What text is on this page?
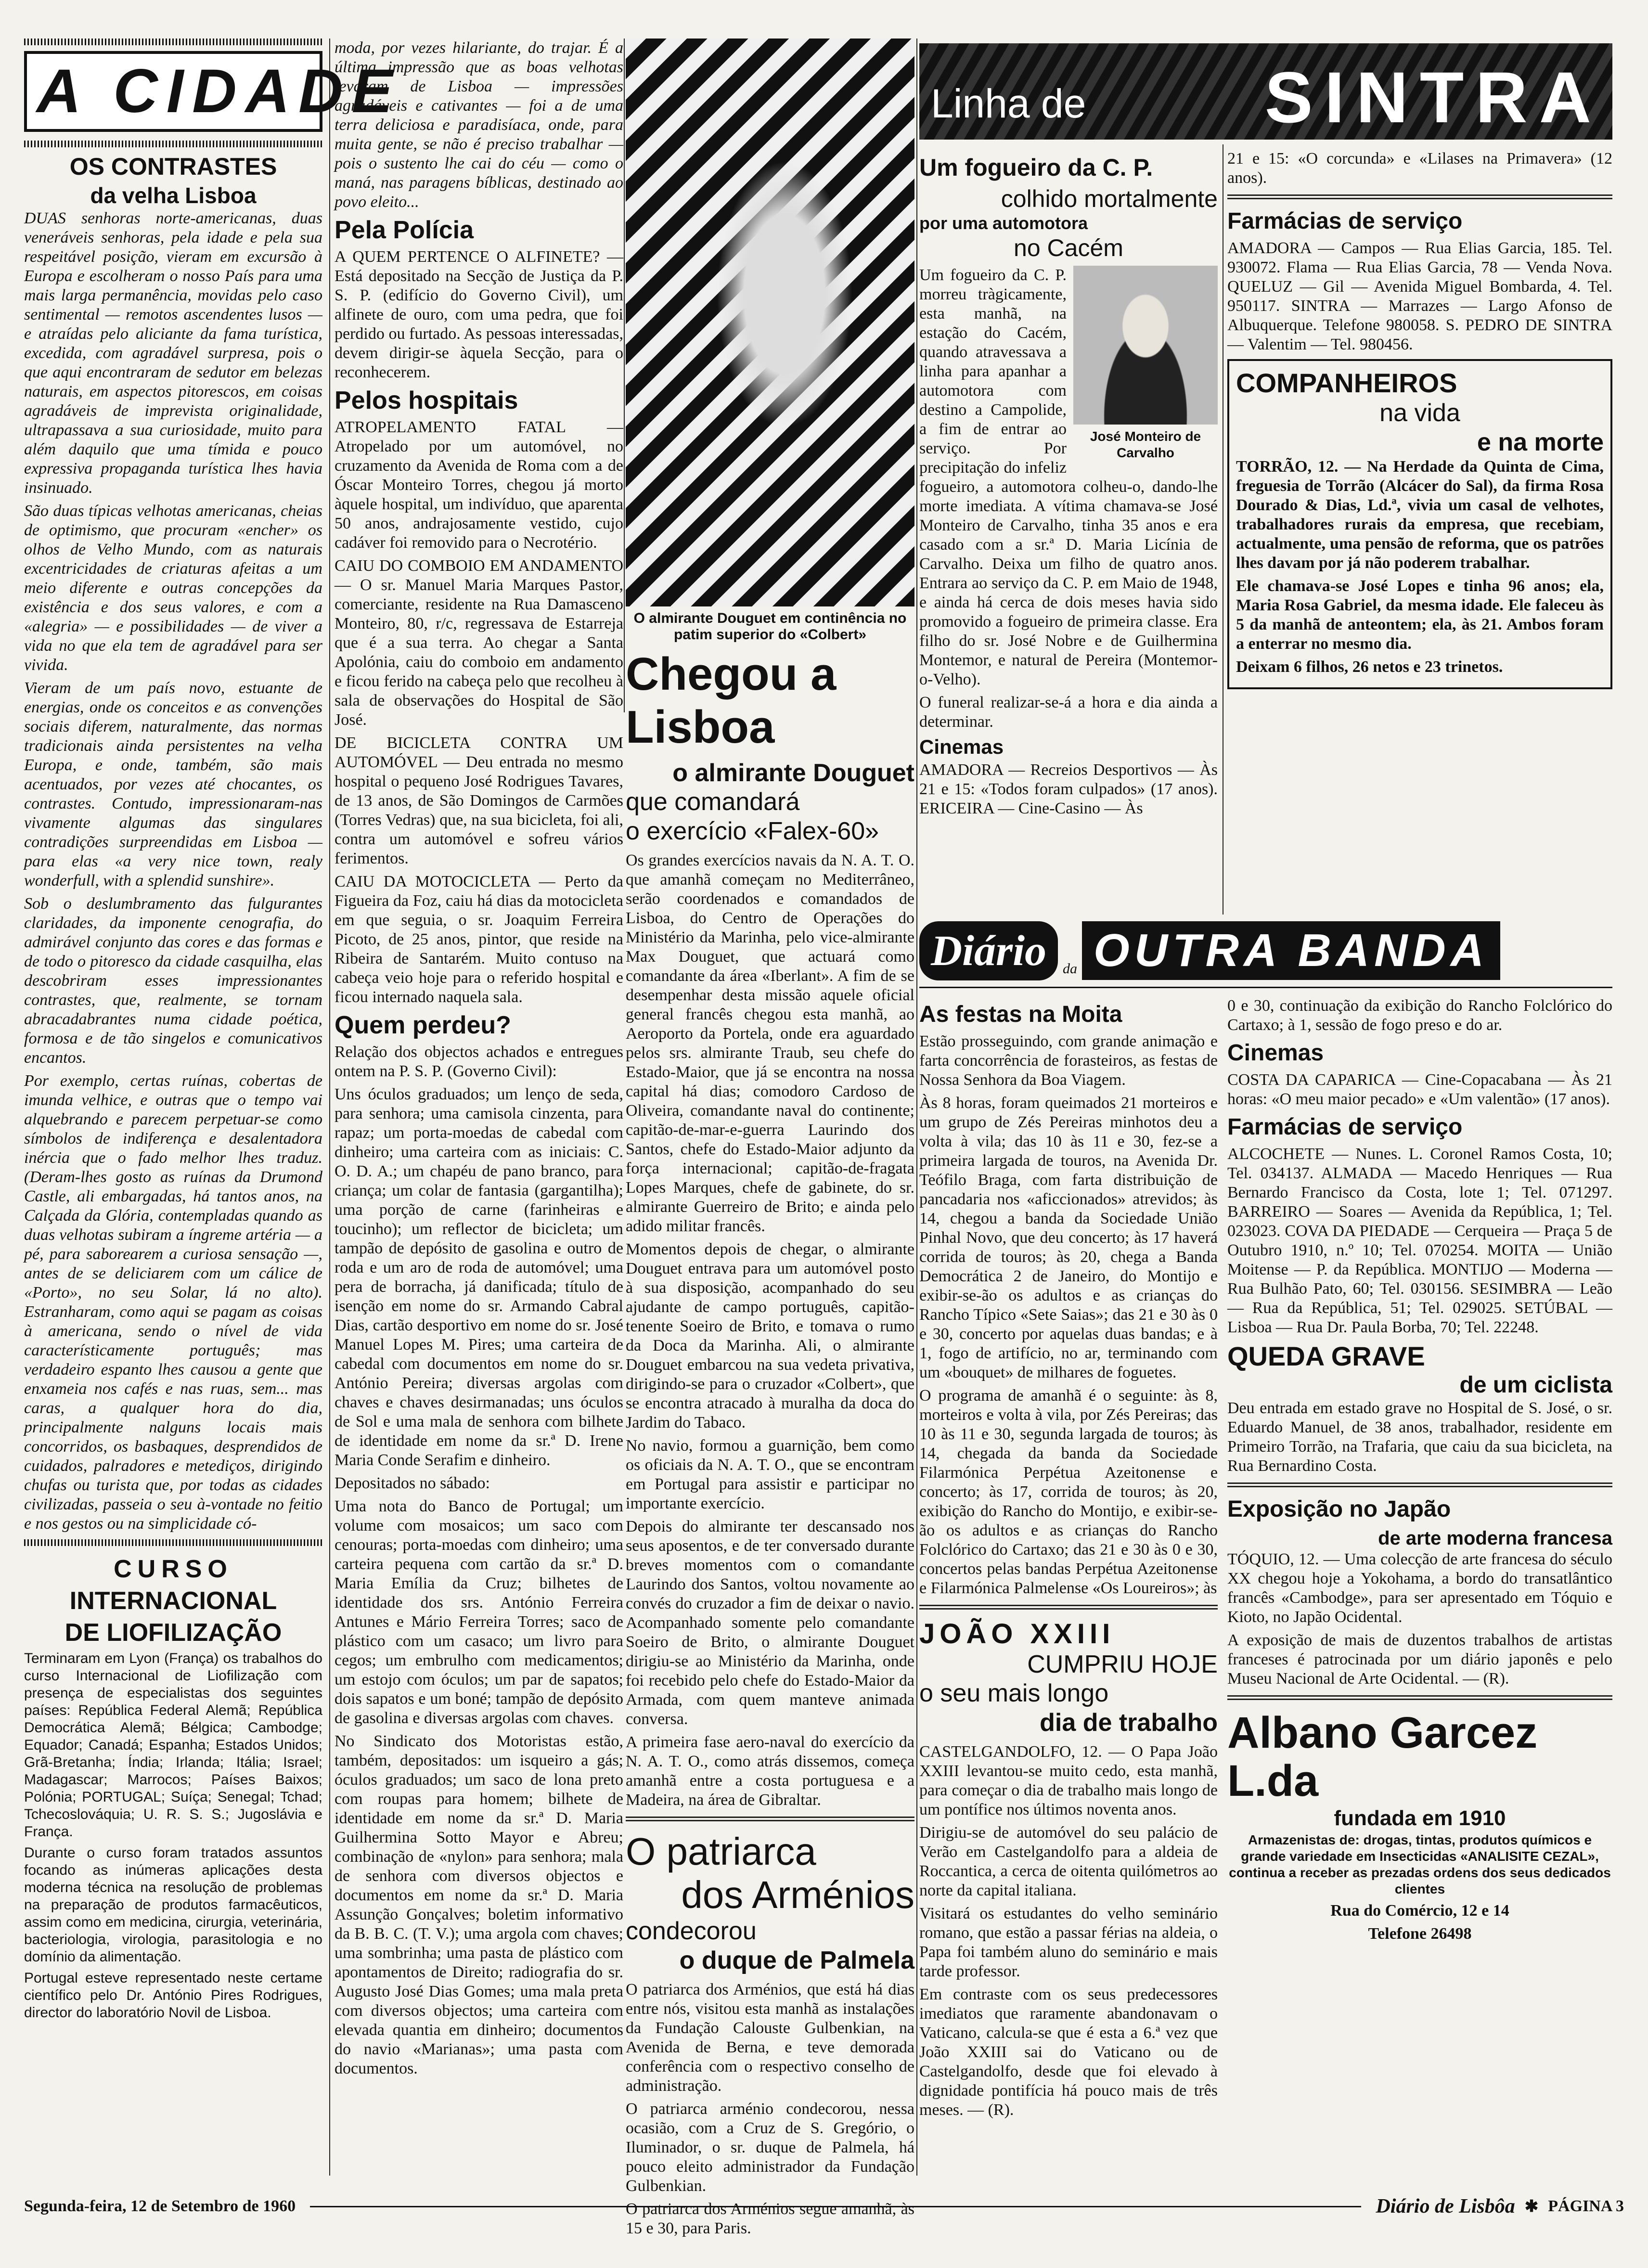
A CIDADE
OS CONTRASTES
da velha Lisboa

DUAS senhoras norte-americanas, duas veneráveis senhoras, pela idade e pela sua respeitável posição, vieram em excursão à Europa e escolheram o nosso País para uma mais larga permanência, movidas pelo caso sentimental — remotos ascendentes lusos — e atraídas pelo aliciante da fama turística, excedida, com agradável surpresa, pois o que aqui encontraram de sedutor em belezas naturais, em aspectos pitorescos, em coisas agradáveis de imprevista originalidade, ultrapassava a sua curiosidade, muito para além daquilo que uma tímida e pouco expressiva propaganda turística lhes havia insinuado.

São duas típicas velhotas americanas, cheias de optimismo, que procuram «encher» os olhos de Velho Mundo, com as naturais excentricidades de criaturas afeitas a um meio diferente e outras concepções da existência e dos seus valores, e com a «alegria» — e possibilidades — de viver a vida no que ela tem de agradável para ser vivida.

Vieram de um país novo, estuante de energias, onde os conceitos e as convenções sociais diferem, naturalmente, das normas tradicionais ainda persistentes na velha Europa, e onde, também, são mais acentuados, por vezes até chocantes, os contrastes. Contudo, impressionaram-nas vivamente algumas das singulares contradições surpreendidas em Lisboa — para elas «a very nice town, realy wonderfull, with a splendid sunshire».

Sob o deslumbramento das fulgurantes claridades, da imponente cenografia, do admirável conjunto das cores e das formas e de todo o pitoresco da cidade casquilha, elas descobriram esses impressionantes contrastes, que, realmente, se tornam abracadabrantes numa cidade poética, formosa e de tão singelos e comunicativos encantos.

Por exemplo, certas ruínas, cobertas de imunda velhice, e outras que o tempo vai alquebrando e parecem perpetuar-se como símbolos de indiferença e desalentadora inércia que o fado melhor lhes traduz. (Deram-lhes gosto as ruínas da Drumond Castle, ali embargadas, há tantos anos, na Calçada da Glória, contempladas quando as duas velhotas subiram a íngreme artéria — a pé, para saborearem a curiosa sensação —, antes de se deliciarem com um cálice de «Porto», no seu Solar, lá no alto). Estranharam, como aqui se pagam as coisas à americana, sendo o nível de vida característicamente português; mas verdadeiro espanto lhes causou a gente que enxameia nos cafés e nas ruas, sem... mas caras, a qualquer hora do dia, principalmente nalguns locais mais concorridos, os basbaques, desprendidos de cuidados, palradores e metediços, dirigindo chufas ou turista que, por todas as cidades civilizadas, passeia o seu à-vontade no feitio e nos gestos ou na simplicidade có-

CURSO
INTERNACIONAL
DE LIOFILIZAÇÃO

Terminaram em Lyon (França) os trabalhos do curso Internacional de Liofilização com presença de especialistas dos seguintes países: República Federal Alemã; República Democrática Alemã; Bélgica; Cambodge; Equador; Canadá; Espanha; Estados Unidos; Grã-Bretanha; Índia; Irlanda; Itália; Israel; Madagascar; Marrocos; Países Baixos; Polónia; PORTUGAL; Suíça; Senegal; Tchad; Tchecoslováquia; U. R. S. S.; Jugoslávia e França.

Durante o curso foram tratados assuntos focando as inúmeras aplicações desta moderna técnica na resolução de problemas na preparação de produtos farmacêuticos, assim como em medicina, cirurgia, veterinária, bacteriologia, virologia, parasitologia e no domínio da alimentação.

Portugal esteve representado neste certame científico pelo Dr. António Pires Rodrigues, director do laboratório Novil de Lisboa.

moda, por vezes hilariante, do trajar. É a última impressão que as boas velhotas levaram de Lisboa — impressões agradáveis e cativantes — foi a de uma terra deliciosa e paradisíaca, onde, para muita gente, se não é preciso trabalhar — pois o sustento lhe cai do céu — como o maná, nas paragens bíblicas, destinado ao povo eleito...

Pela Polícia

A QUEM PERTENCE O ALFINETE? — Está depositado na Secção de Justiça da P. S. P. (edifício do Governo Civil), um alfinete de ouro, com uma pedra, que foi perdido ou furtado. As pessoas interessadas, devem dirigir-se àquela Secção, para o reconhecerem.

Pelos hospitais

ATROPELAMENTO FATAL — Atropelado por um automóvel, no cruzamento da Avenida de Roma com a de Óscar Monteiro Torres, chegou já morto àquele hospital, um indivíduo, que aparenta 50 anos, andrajosamente vestido, cujo cadáver foi removido para o Necrotério.

CAIU DO COMBOIO EM ANDAMENTO — O sr. Manuel Maria Marques Pastor, comerciante, residente na Rua Damasceno Monteiro, 80, r/c, regressava de Estarreja que é a sua terra. Ao chegar a Santa Apolónia, caiu do comboio em andamento e ficou ferido na cabeça pelo que recolheu à sala de observações do Hospital de São José.

DE BICICLETA CONTRA UM AUTOMÓVEL — Deu entrada no mesmo hospital o pequeno José Rodrigues Tavares, de 13 anos, de São Domingos de Carmões (Torres Vedras) que, na sua bicicleta, foi ali, contra um automóvel e sofreu vários ferimentos.

CAIU DA MOTOCICLETA — Perto da Figueira da Foz, caiu há dias da motocicleta em que seguia, o sr. Joaquim Ferreira Picoto, de 25 anos, pintor, que reside na Ribeira de Santarém. Muito contuso na cabeça veio hoje para o referido hospital e ficou internado naquela sala.

Quem perdeu?

Relação dos objectos achados e entregues ontem na P. S. P. (Governo Civil):

Uns óculos graduados; um lenço de seda, para senhora; uma camisola cinzenta, para rapaz; um porta-moedas de cabedal com dinheiro; uma carteira com as iniciais: C. O. D. A.; um chapéu de pano branco, para criança; um colar de fantasia (gargantilha); uma porção de carne (farinheiras e toucinho); um reflector de bicicleta; um tampão de depósito de gasolina e outro de roda e um aro de roda de automóvel; uma pera de borracha, já danificada; título de isenção em nome do sr. Armando Cabral Dias, cartão desportivo em nome do sr. José Manuel Lopes M. Pires; uma carteira de cabedal com documentos em nome do sr. António Pereira; diversas argolas com chaves e chaves desirmanadas; uns óculos de Sol e uma mala de senhora com bilhete de identidade em nome da sr.ª D. Irene Maria Conde Serafim e dinheiro.

Depositados no sábado:

Uma nota do Banco de Portugal; um volume com mosaicos; um saco com cenouras; porta-moedas com dinheiro; uma carteira pequena com cartão da sr.ª D. Maria Emília da Cruz; bilhetes de identidade dos srs. António Ferreira Antunes e Mário Ferreira Torres; saco de plástico com um casaco; um livro para cegos; um embrulho com medicamentos; um estojo com óculos; um par de sapatos; dois sapatos e um boné; tampão de depósito de gasolina e diversas argolas com chaves.

No Sindicato dos Motoristas estão, também, depositados: um isqueiro a gás; óculos graduados; um saco de lona preto com roupas para homem; bilhete de identidade em nome da sr.ª D. Maria Guilhermina Sotto Mayor e Abreu; combinação de «nylon» para senhora; mala de senhora com diversos objectos e documentos em nome da sr.ª D. Maria Assunção Gonçalves; boletim informativo da B. B. C. (T. V.); uma argola com chaves; uma sombrinha; uma pasta de plástico com apontamentos de Direito; radiografia do sr. Augusto José Dias Gomes; uma mala preta com diversos objectos; uma carteira com elevada quantia em dinheiro; documentos do navio «Marianas»; uma pasta com documentos.

O almirante Douguet em continência no patim superior do «Colbert»
Chegou a Lisboa
o almirante Douguet
que comandará
o exercício «Falex-60»

Os grandes exercícios navais da N. A. T. O. que amanhã começam no Mediterrâneo, serão coordenados e comandados de Lisboa, do Centro de Operações do Ministério da Marinha, pelo vice-almirante Max Douguet, que actuará como comandante da área «Iberlant». A fim de se desempenhar desta missão aquele oficial general francês chegou esta manhã, ao Aeroporto da Portela, onde era aguardado pelos srs. almirante Traub, seu chefe do Estado-Maior, que já se encontra na nossa capital há dias; comodoro Cardoso de Oliveira, comandante naval do continente; capitão-de-mar-e-guerra Laurindo dos Santos, chefe do Estado-Maior adjunto da força internacional; capitão-de-fragata Lopes Marques, chefe de gabinete, do sr. almirante Guerreiro de Brito; e ainda pelo adido militar francês.

Momentos depois de chegar, o almirante Douguet entrava para um automóvel posto à sua disposição, acompanhado do seu ajudante de campo português, capitão-tenente Soeiro de Brito, e tomava o rumo da Doca da Marinha. Ali, o almirante Douguet embarcou na sua vedeta privativa, dirigindo-se para o cruzador «Colbert», que se encontra atracado à muralha da doca do Jardim do Tabaco.

No navio, formou a guarnição, bem como os oficiais da N. A. T. O., que se encontram em Portugal para assistir e participar no importante exercício.

Depois do almirante ter descansado nos seus aposentos, e de ter conversado durante breves momentos com o comandante Laurindo dos Santos, voltou novamente ao convés do cruzador a fim de deixar o navio. Acompanhado somente pelo comandante Soeiro de Brito, o almirante Douguet dirigiu-se ao Ministério da Marinha, onde foi recebido pelo chefe do Estado-Maior da Armada, com quem manteve animada conversa.

A primeira fase aero-naval do exercício da N. A. T. O., como atrás dissemos, começa amanhã entre a costa portuguesa e a Madeira, na área de Gibraltar.

O patriarca
dos Arménios
condecorou
o duque de Palmela

O patriarca dos Arménios, que está há dias entre nós, visitou esta manhã as instalações da Fundação Calouste Gulbenkian, na Avenida de Berna, e teve demorada conferência com o respectivo conselho de administração.

O patriarca arménio condecorou, nessa ocasião, com a Cruz de S. Gregório, o Iluminador, o sr. duque de Palmela, há pouco eleito administrador da Fundação Gulbenkian.

O patriarca dos Arménios segue amanhã, às 15 e 30, para Paris.

Linha de SINTRA
Um fogueiro da C. P.
colhido mortalmente
por uma automotora
no Cacém
José Monteiro de Carvalho

Um fogueiro da C. P. morreu tràgicamente, esta manhã, na estação do Cacém, quando atravessava a linha para apanhar a automotora com destino a Campolide, a fim de entrar ao serviço. Por precipitação do infeliz fogueiro, a automotora colheu-o, dando-lhe morte imediata. A vítima chamava-se José Monteiro de Carvalho, tinha 35 anos e era casado com a sr.ª D. Maria Licínia de Carvalho. Deixa um filho de quatro anos. Entrara ao serviço da C. P. em Maio de 1948, e ainda há cerca de dois meses havia sido promovido a fogueiro de primeira classe. Era filho do sr. José Nobre e de Guilhermina Montemor, e natural de Pereira (Montemor-o-Velho).

O funeral realizar-se-á a hora e dia ainda a determinar.

Cinemas

AMADORA — Recreios Desportivos — Às 21 e 15: «Todos foram culpados» (17 anos). ERICEIRA — Cine-Casino — Às

Diário	da OUTRA BANDA
As festas na Moita

Estão prosseguindo, com grande animação e farta concorrência de forasteiros, as festas de Nossa Senhora da Boa Viagem.

Às 8 horas, foram queimados 21 morteiros e um grupo de Zés Pereiras minhotos deu a volta à vila; das 10 às 11 e 30, fez-se a primeira largada de touros, na Avenida Dr. Teófilo Braga, com farta distribuição de pancadaria nos «aficcionados» atrevidos; às 14, chegou a banda da Sociedade União Pinhal Novo, que deu concerto; às 17 haverá corrida de touros; às 20, chega a Banda Democrática 2 de Janeiro, do Montijo e exibir-se-ão os adultos e as crianças do Rancho Típico «Sete Saias»; das 21 e 30 às 0 e 30, concerto por aquelas duas bandas; e à 1, fogo de artifício, no ar, terminando com um «bouquet» de milhares de foguetes.

O programa de amanhã é o seguinte: às 8, morteiros e volta à vila, por Zés Pereiras; das 10 às 11 e 30, segunda largada de touros; às 14, chegada da banda da Sociedade Filarmónica Perpétua Azeitonense e concerto; às 17, corrida de touros; às 20, exibição do Rancho do Montijo, e exibir-se-ão os adultos e as crianças do Rancho Folclórico do Cartaxo; das 21 e 30 às 0 e 30, concertos pelas bandas Perpétua Azeitonense e Filarmónica Palmelense «Os Loureiros»; às

JOÃO XXIII
CUMPRIU HOJE
o seu mais longo
dia de trabalho

CASTELGANDOLFO, 12. — O Papa João XXIII levantou-se muito cedo, esta manhã, para começar o dia de trabalho mais longo de um pontífice nos últimos noventa anos.

Dirigiu-se de automóvel do seu palácio de Verão em Castelgandolfo para a aldeia de Roccantica, a cerca de oitenta quilómetros ao norte da capital italiana.

Visitará os estudantes do velho seminário romano, que estão a passar férias na aldeia, o Papa foi também aluno do seminário e mais tarde professor.

Em contraste com os seus predecessores imediatos que raramente abandonavam o Vaticano, calcula-se que é esta a 6.ª vez que João XXIII sai do Vaticano ou de Castelgandolfo, desde que foi elevado à dignidade pontifícia há pouco mais de três meses. — (R).

21 e 15: «O corcunda» e «Lilases na Primavera» (12 anos).

Farmácias de serviço

AMADORA — Campos — Rua Elias Garcia, 185. Tel. 930072. Flama — Rua Elias Garcia, 78 — Venda Nova. QUELUZ — Gil — Avenida Miguel Bombarda, 4. Tel. 950117. SINTRA — Marrazes — Largo Afonso de Albuquerque. Telefone 980058. S. PEDRO DE SINTRA — Valentim — Tel. 980456.

COMPANHEIROS
na vida
e na morte

TORRÃO, 12. — Na Herdade da Quinta de Cima, freguesia de Torrão (Alcácer do Sal), da firma Rosa Dourado & Dias, Ld.ª, vivia um casal de velhotes, trabalhadores rurais da empresa, que recebiam, actualmente, uma pensão de reforma, que os patrões lhes davam por já não poderem trabalhar.

Ele chamava-se José Lopes e tinha 96 anos; ela, Maria Rosa Gabriel, da mesma idade. Ele faleceu às 5 da manhã de anteontem; ela, às 21. Ambos foram a enterrar no mesmo dia.

Deixam 6 filhos, 26 netos e 23 trinetos.

0 e 30, continuação da exibição do Rancho Folclórico do Cartaxo; à 1, sessão de fogo preso e do ar.

Cinemas

COSTA DA CAPARICA — Cine-Copacabana — Às 21 horas: «O meu maior pecado» e «Um valentão» (17 anos).

Farmácias de serviço

ALCOCHETE — Nunes. L. Coronel Ramos Costa, 10; Tel. 034137. ALMADA — Macedo Henriques — Rua Bernardo Francisco da Costa, lote 1; Tel. 071297. BARREIRO — Soares — Avenida da República, 1; Tel. 023023. COVA DA PIEDADE — Cerqueira — Praça 5 de Outubro 1910, n.º 10; Tel. 070254. MOITA — União Moitense — P. da República. MONTIJO — Moderna — Rua Bulhão Pato, 60; Tel. 030156. SESIMBRA — Leão — Rua da República, 51; Tel. 029025. SETÚBAL — Lisboa — Rua Dr. Paula Borba, 70; Tel. 22248.

QUEDA GRAVE
de um ciclista

Deu entrada em estado grave no Hospital de S. José, o sr. Eduardo Manuel, de 38 anos, trabalhador, residente em Primeiro Torrão, na Trafaria, que caiu da sua bicicleta, na Rua Bernardino Costa.

Exposição no Japão
de arte moderna francesa

TÓQUIO, 12. — Uma colecção de arte francesa do século XX chegou hoje a Yokohama, a bordo do transatlântico francês «Cambodge», para ser apresentado em Tóquio e Kioto, no Japão Ocidental.

A exposição de mais de duzentos trabalhos de artistas franceses é patrocinada por um diário japonês e pelo Museu Nacional de Arte Ocidental. — (R).

Albano Garcez L.da
fundada em 1910

Armazenistas de: drogas, tintas, produtos químicos e grande variedade em Insecticidas «ANALISITE CEZAL», continua a receber as prezadas ordens dos seus dedicados clientes

Rua do Comércio, 12 e 14

Telefone 26498

Segunda-feira, 12 de Setembro de 1960	Diário de Lisbôa ✱ PÁGINA 3
